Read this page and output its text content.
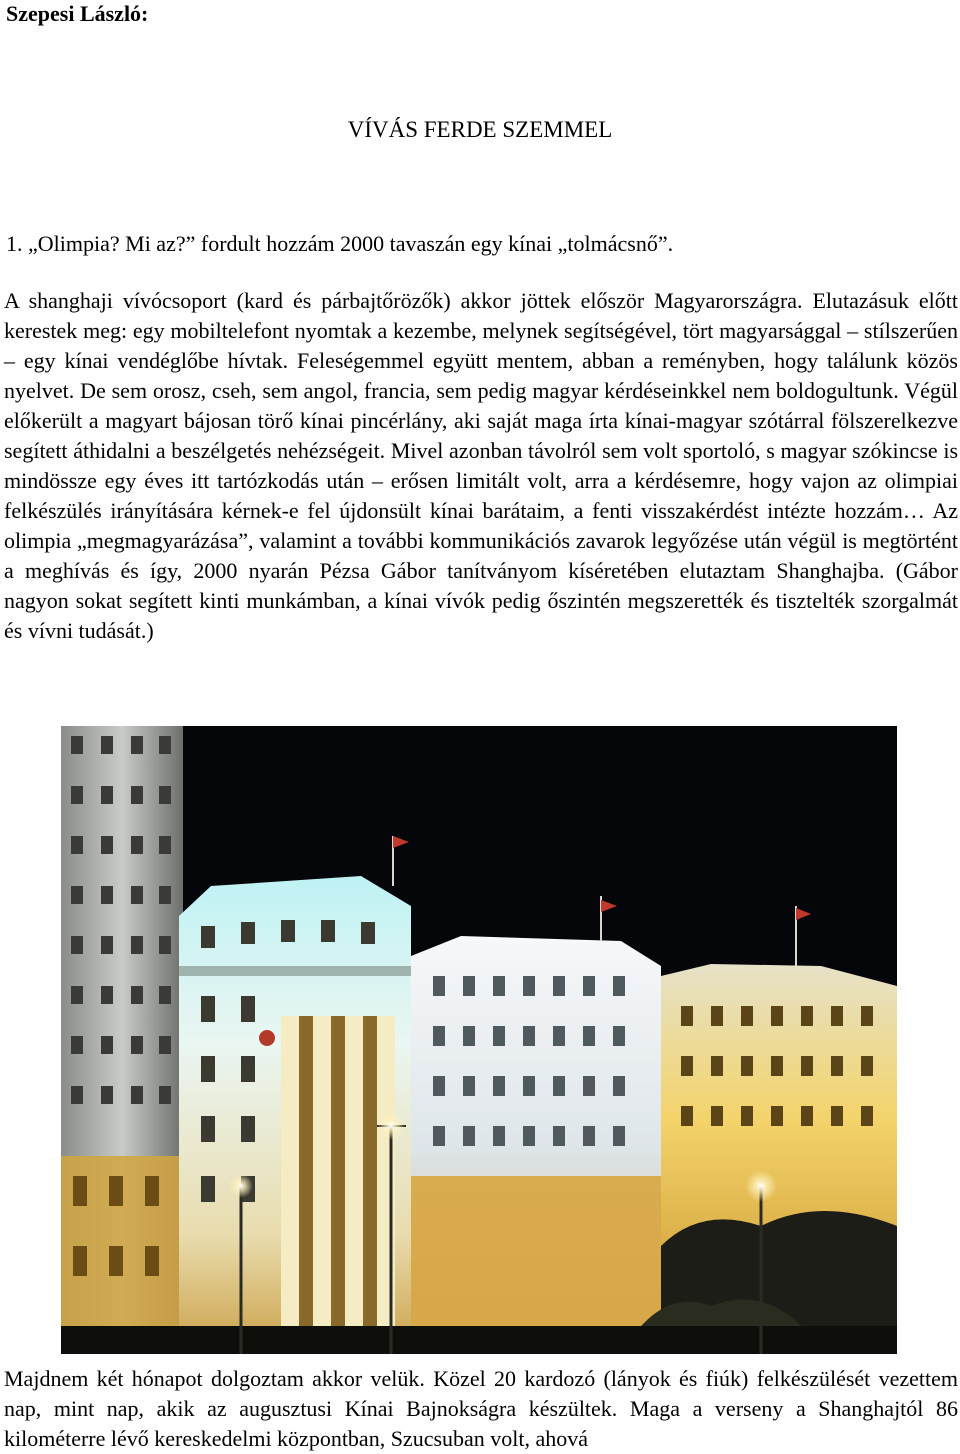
Szepesi László:
VÍVÁS FERDE SZEMMEL

1. „Olimpia? Mi az?” fordult hozzám 2000 tavaszán egy kínai „tolmácsnő”.

A shanghaji vívócsoport (kard és párbajtőrözők) akkor jöttek először Magyarországra. Elutazásuk előtt kerestek meg: egy mobiltelefont nyomtak a kezembe, melynek segítségével, tört magyarsággal – stílszerűen – egy kínai vendéglőbe hívtak. Feleségemmel együtt mentem, abban a reményben, hogy találunk közös nyelvet. De sem orosz, cseh, sem angol, francia, sem pedig magyar kérdéseinkkel nem boldogultunk. Végül előkerült a magyart bájosan törő kínai pincérlány, aki saját maga írta kínai-magyar szótárral fölszerelkezve segített áthidalni a beszélgetés nehézségeit. Mivel azonban távolról sem volt sportoló, s magyar szókincse is mindössze egy éves itt tartózkodás után – erősen limitált volt, arra a kérdésemre, hogy vajon az olimpiai felkészülés irányítására kérnek-e fel újdonsült kínai barátaim, a fenti visszakérdést intézte hozzám… Az olimpia „megmagyarázása”, valamint a további kommunikációs zavarok legyőzése után végül is megtörtént a meghívás és így, 2000 nyarán Pézsa Gábor tanítványom kíséretében elutaztam Shanghajba. (Gábor nagyon sokat segített kinti munkámban, a kínai vívók pedig őszintén megszerették és tisztelték szorgalmát és vívni tudását.)

Majdnem két hónapot dolgoztam akkor velük. Közel 20 kardozó (lányok és fiúk) felkészülését vezettem nap, mint nap, akik az augusztusi Kínai Bajnokságra készültek. Maga a verseny a Shanghajtól 86 kilométerre lévő kereskedelmi központban, Szucsuban volt, ahová
